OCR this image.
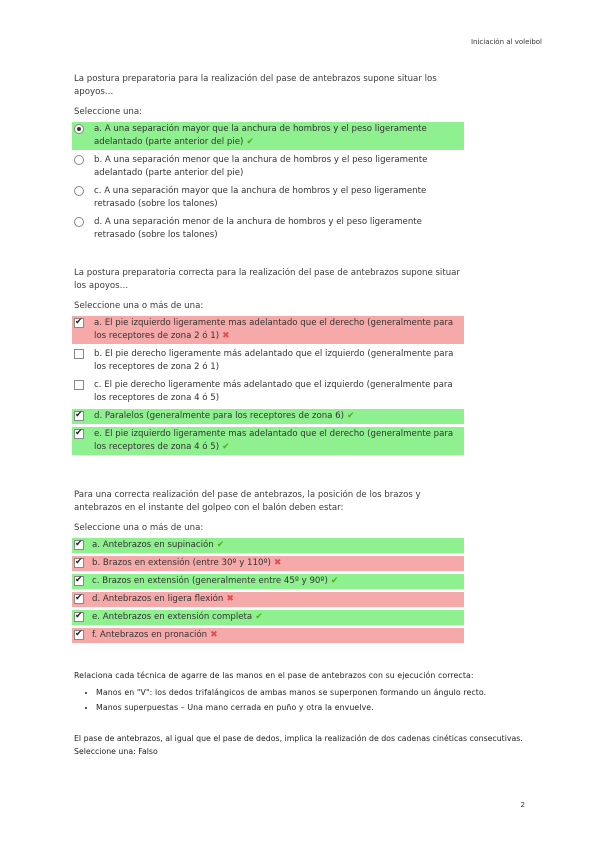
Iniciación al voleibol

La postura preparatoria para la realización del pase de antebrazos supone situar los apoyos…

Seleccione una:

a. A una separación mayor que la anchura de hombros y el peso ligeramente adelantado (parte anterior del pie) ✔
b. A una separación menor que la anchura de hombros y el peso ligeramente adelantado (parte anterior del pie)
c. A una separación mayor que la anchura de hombros y el peso ligeramente retrasado (sobre los talones)
d. A una separación menor de la anchura de hombros y el peso ligeramente retrasado (sobre los talones)

La postura preparatoria correcta para la realización del pase de antebrazos supone situar los apoyos…

Seleccione una o más de una:

✔
a. El pie izquierdo ligeramente mas adelantado que el derecho (generalmente para los receptores de zona 2 ó 1) ✖
b. El pie derecho ligeramente más adelantado que el izquierdo (generalmente para los receptores de zona 2 ó 1)
c. El pie derecho ligeramente más adelantado que el izquierdo (generalmente para los receptores de zona 4 ó 5)
✔
d. Paralelos (generalmente para los receptores de zona 6) ✔
✔
e. El pie izquierdo ligeramente mas adelantado que el derecho (generalmente para los receptores de zona 4 ó 5) ✔

Para una correcta realización del pase de antebrazos, la posición de los brazos y antebrazos en el instante del golpeo con el balón deben estar:

Seleccione una o más de una:

✔
a. Antebrazos en supinación ✔
✔
b. Brazos en extensión (entre 30º y 110º) ✖
✔
c. Brazos en extensión (generalmente entre 45º y 90º) ✔
✔
d. Antebrazos en ligera flexión ✖
✔
e. Antebrazos en extensión completa ✔
✔
f. Antebrazos en pronación ✖

Relaciona cada técnica de agarre de las manos en el pase de antebrazos con su ejecución correcta:

• Manos en "V": los dedos trifalángicos de ambas manos se superponen formando un ángulo recto.
• Manos superpuestas – Una mano cerrada en puño y otra la envuelve.

El pase de antebrazos, al igual que el pase de dedos, implica la realización de dos cadenas cinéticas consecutivas.

Seleccione una: Falso

2
